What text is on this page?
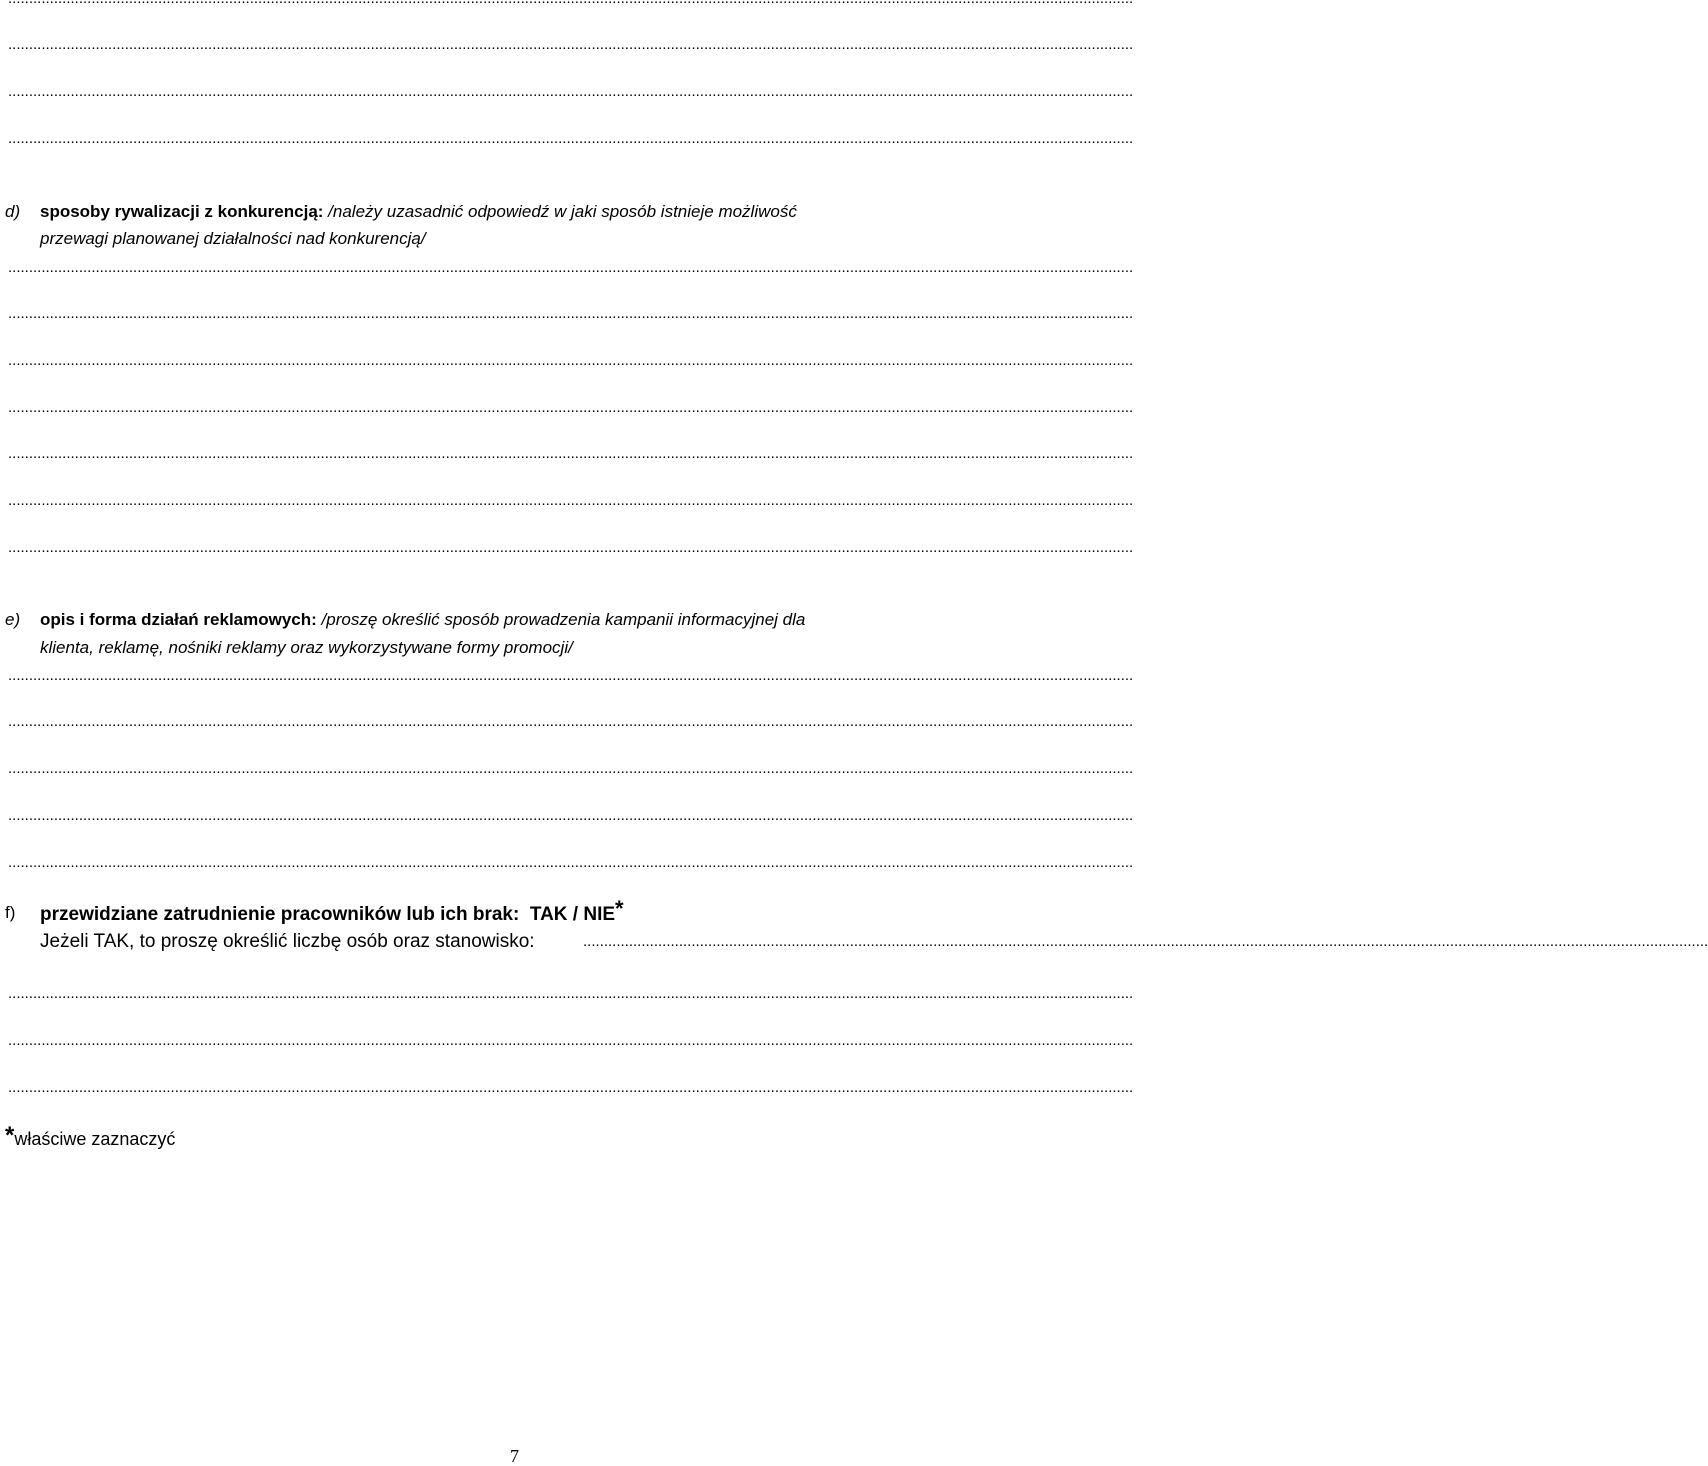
..............................................................................................................................................................................................................................................................................
..............................................................................................................................................................................................................................................................................
..............................................................................................................................................................................................................................................................................
d) sposoby rywalizacji z konkurencją: /należy uzasadnić odpowiedź w jaki sposób istnieje możliwość
przewagi planowanej działalności nad konkurencją/
..............................................................................................................................................................................................................................................................................
..............................................................................................................................................................................................................................................................................
..............................................................................................................................................................................................................................................................................
..............................................................................................................................................................................................................................................................................
..............................................................................................................................................................................................................................................................................
..............................................................................................................................................................................................................................................................................
..............................................................................................................................................................................................................................................................................
e) opis i forma działań reklamowych: /proszę określić sposób prowadzenia kampanii informacyjnej dla
klienta, reklamę, nośniki reklamy oraz wykorzystywane formy promocji/
..............................................................................................................................................................................................................................................................................
..............................................................................................................................................................................................................................................................................
..............................................................................................................................................................................................................................................................................
..............................................................................................................................................................................................................................................................................
..............................................................................................................................................................................................................................................................................
f) przewidziane zatrudnienie pracowników lub ich brak: TAK / NIE*
Jeżeli TAK, to proszę określić liczbę osób oraz stanowisko:	..............................................................................................................................................................................................................................................................................
..............................................................................................................................................................................................................................................................................
..............................................................................................................................................................................................................................................................................
..............................................................................................................................................................................................................................................................................
*właściwe zaznaczyć
7
